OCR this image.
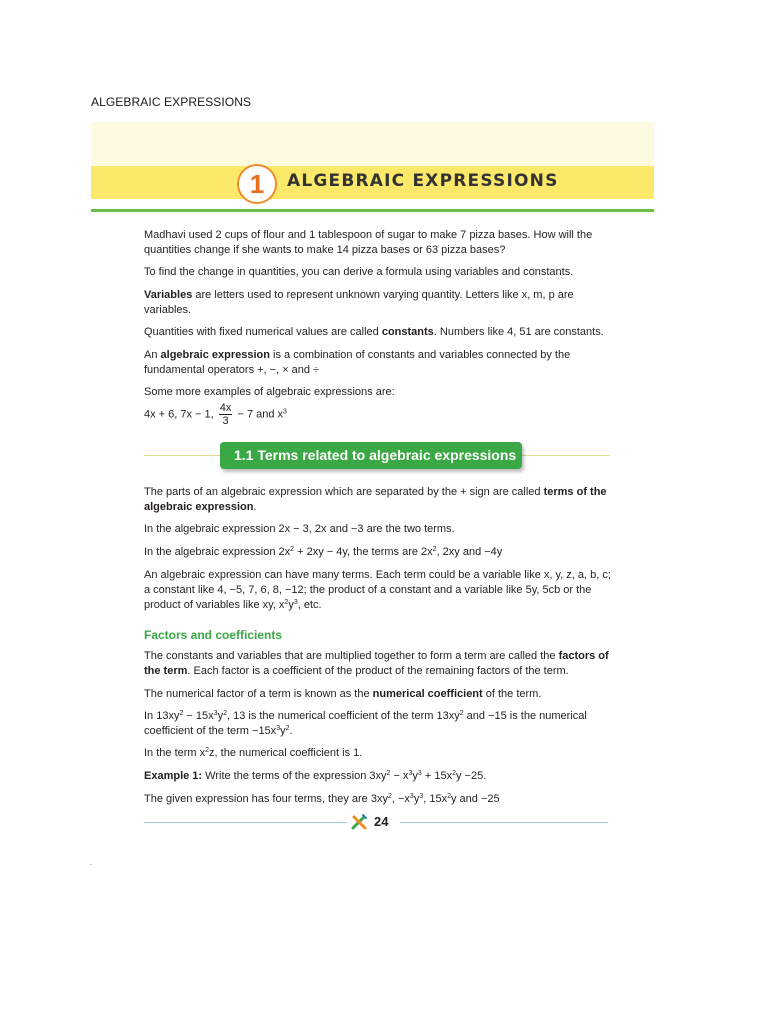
ALGEBRAIC EXPRESSIONS
1	ALGEBRAIC EXPRESSIONS
Madhavi used 2 cups of flour and 1 tablespoon of sugar to make 7 pizza bases. How will the quantities change if she wants to make 14 pizza bases or 63 pizza bases?
To find the change in quantities, you can derive a formula using variables and constants.
Variables are letters used to represent unknown varying quantity. Letters like x, m, p are variables.
Quantities with fixed numerical values are called constants. Numbers like 4, 51 are constants.
An algebraic expression is a combination of constants and variables connected by the fundamental operators +, −, × and ÷
Some more examples of algebraic expressions are:
4x + 6, 7x − 1, $\frac{4x}{3} - 7$ and $x^3$
1.1 Terms related to algebraic expressions
The parts of an algebraic expression which are separated by the + sign are called terms of the algebraic expression.
In the algebraic expression 2x − 3, 2x and −3 are the two terms.
In the algebraic expression $2x^2 + 2xy - 4y$, the terms are $2x^2$, 2xy and −4y
An algebraic expression can have many terms. Each term could be a variable like x, y, z, a, b, c; a constant like 4, −5, 7, 6, 8, −12; the product of a constant and a variable like 5y, 5cb or the product of variables like xy, $x^2y^3$, etc.
Factors and coefficients
The constants and variables that are multiplied together to form a term are called the factors of the term. Each factor is a coefficient of the product of the remaining factors of the term.
The numerical factor of a term is known as the numerical coefficient of the term.
In $13xy^2 - 15x^3y^2$, 13 is the numerical coefficient of the term $13xy^2$ and −15 is the numerical coefficient of the term $-15x^3y^2$.
In the term $x^2z$, the numerical coefficient is 1.
Example 1: Write the terms of the expression $3xy^2 - x^3y^3 + 15x^2y -25$.
The given expression has four terms, they are $3xy^2$, $-x^3y^3$, $15x^2y$ and −25
24
